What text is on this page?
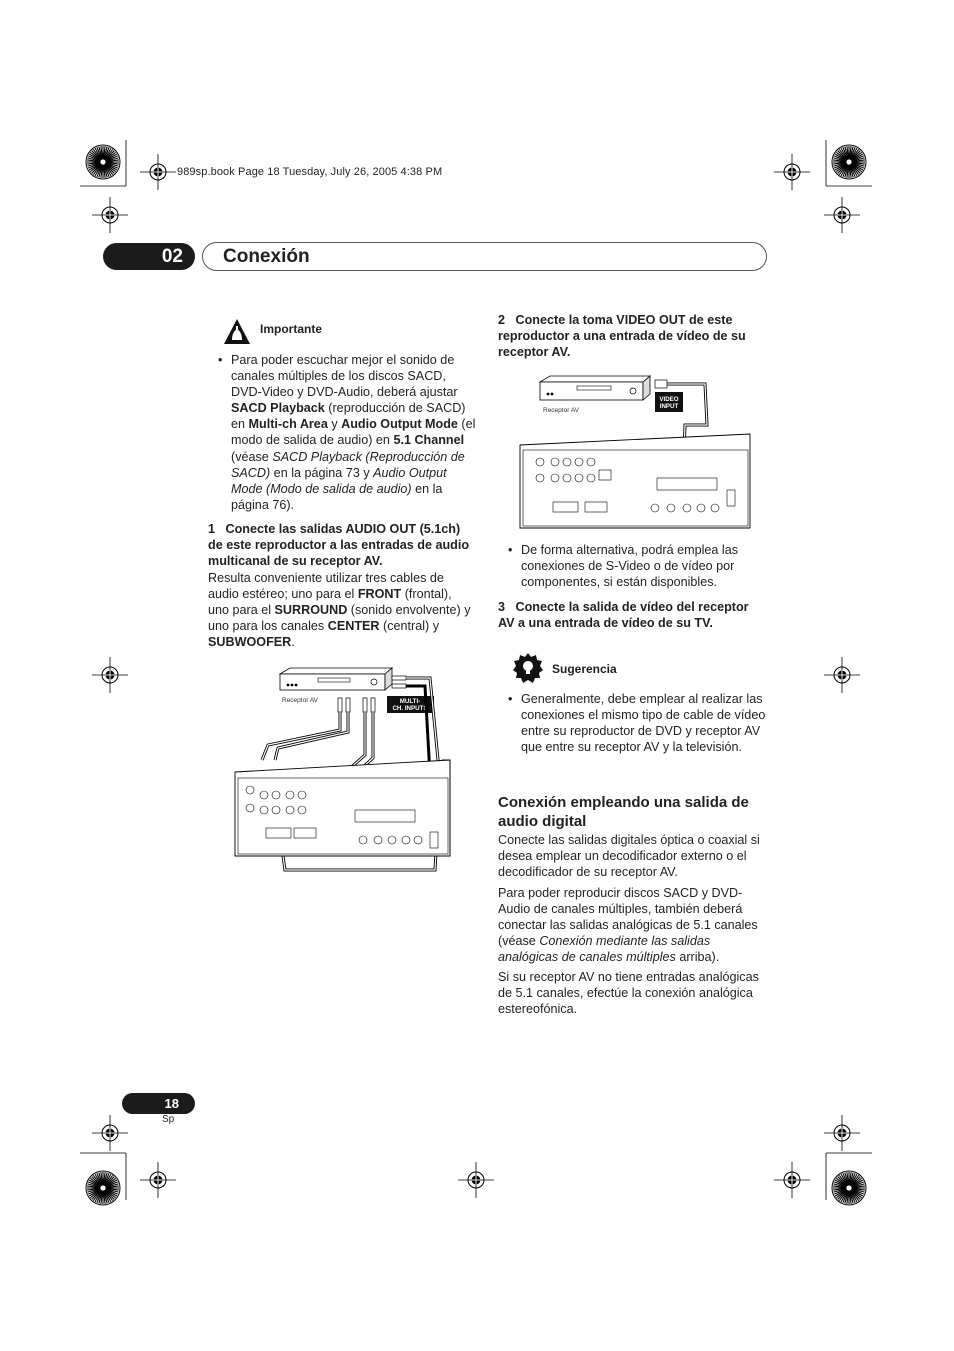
989sp.book Page 18 Tuesday, July 26, 2005 4:38 PM
02	Conexión
Importante
• Para poder escuchar mejor el sonido de canales múltiples de los discos SACD, DVD-Video y DVD-Audio, deberá ajustar SACD Playback (reproducción de SACD) en Multi-ch Area y Audio Output Mode (el modo de salida de audio) en 5.1 Channel (véase SACD Playback (Reproducción de SACD) en la página 73 y Audio Output Mode (Modo de salida de audio) en la página 76).
1 Conecte las salidas AUDIO OUT (5.1ch) de este reproductor a las entradas de audio multicanal de su receptor AV.
Resulta conveniente utilizar tres cables de audio estéreo; uno para el FRONT (frontal), uno para el SURROUND (sonido envolvente) y uno para los canales CENTER (central) y SUBWOOFER.
Receptor AV	MULTI-
CH. INPUTS
2 Conecte la toma VIDEO OUT de este reproductor a una entrada de vídeo de su receptor AV.
Receptor AV
VIDEO
INPUT
• De forma alternativa, podrá emplea las conexiones de S-Video o de vídeo por componentes, si están disponibles.
3 Conecte la salida de vídeo del receptor AV a una entrada de vídeo de su TV.
Sugerencia
• Generalmente, debe emplear al realizar las conexiones el mismo tipo de cable de vídeo entre su reproductor de DVD y receptor AV que entre su receptor AV y la televisión.
Conexión empleando una salida de audio digital
Conecte las salidas digitales óptica o coaxial si desea emplear un decodificador externo o el decodificador de su receptor AV.
Para poder reproducir discos SACD y DVD-Audio de canales múltiples, también deberá conectar las salidas analógicas de 5.1 canales (véase Conexión mediante las salidas analógicas de canales múltiples arriba).
Si su receptor AV no tiene entradas analógicas de 5.1 canales, efectúe la conexión analógica estereofónica.
18
Sp
